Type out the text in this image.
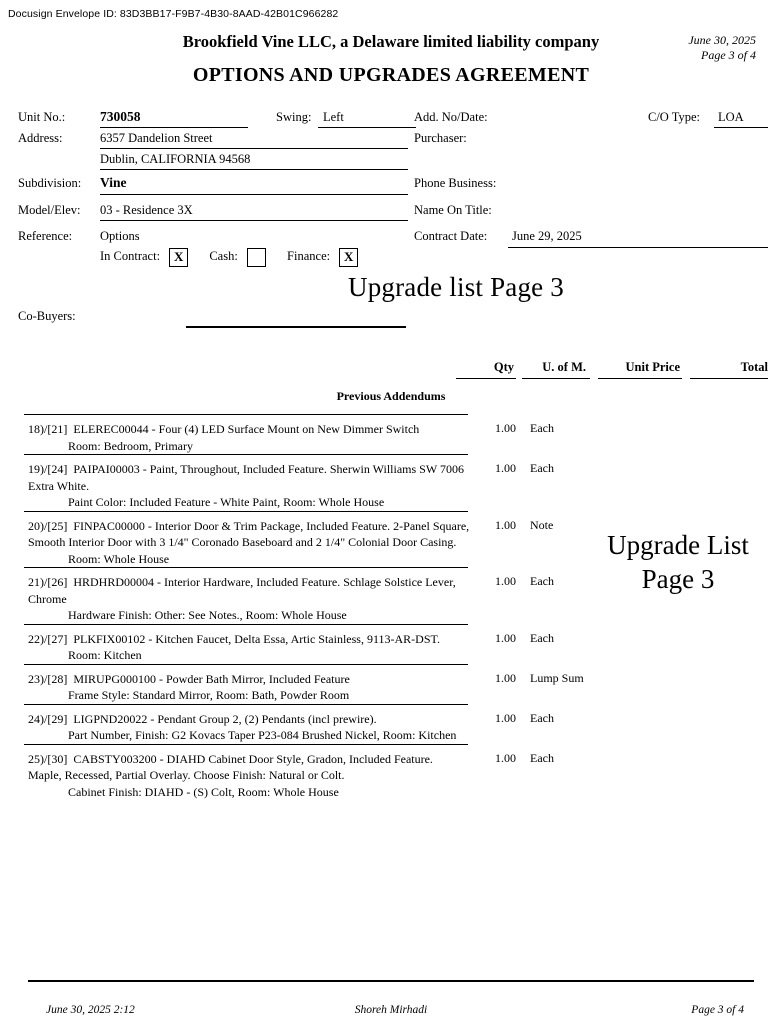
Docusign Envelope ID: 83D3BB17-F9B7-4B30-8AAD-42B01C966282
Brookfield Vine LLC, a Delaware limited liability company
OPTIONS AND UPGRADES AGREEMENT
June 30, 2025
Page 3 of 4
Unit No.:	730058	Swing: Left	Add. No/Date:	C/O Type: LOA
Address:	6357 Dandelion Street	Purchaser:
Dublin, CALIFORNIA 94568
Subdivision: Vine	Phone Business:
Model/Elev: 03 - Residence 3X	Name On Title:
Reference: Options	Contract Date: June 29, 2025
In Contract: X Cash:	Finance: X
Upgrade list Page 3
Upgrade List
Page 3
Co-Buyers:
Qty	U. of M.	Unit Price	Total
Previous Addendums
18)/[21] ELEREC00044 - Four (4) LED Surface Mount on New Dimmer Switch
Room: Bedroom, Primary
1.00 Each
19)/[24] PAIPAI00003 - Paint, Throughout, Included Feature. Sherwin Williams SW 7006 Extra White.
Paint Color: Included Feature - White Paint, Room: Whole House
1.00 Each
20)/[25] FINPAC00000 - Interior Door & Trim Package, Included Feature. 2-Panel Square, Smooth Interior Door with 3 1/4" Coronado Baseboard and 2 1/4" Colonial Door Casing.
Room: Whole House
1.00 Note
21)/[26] HRDHRD00004 - Interior Hardware, Included Feature. Schlage Solstice Lever, Chrome
Hardware Finish: Other: See Notes., Room: Whole House
1.00 Each
22)/[27] PLKFIX00102 - Kitchen Faucet, Delta Essa, Artic Stainless, 9113-AR-DST.
Room: Kitchen
1.00 Each
23)/[28] MIRUPG000100 - Powder Bath Mirror, Included Feature
Frame Style: Standard Mirror, Room: Bath, Powder Room
1.00 Lump Sum
24)/[29] LIGPND20022 - Pendant Group 2, (2) Pendants (incl prewire).
Part Number, Finish: G2 Kovacs Taper P23-084 Brushed Nickel, Room: Kitchen
1.00 Each
25)/[30] CABSTY003200 - DIAHD Cabinet Door Style, Gradon, Included Feature.
Maple, Recessed, Partial Overlay. Choose Finish: Natural or Colt.
Cabinet Finish: DIAHD - (S) Colt, Room: Whole House
1.00 Each
Shoreh Mirhadi
June 30, 2025 2:12	Page 3 of 4
